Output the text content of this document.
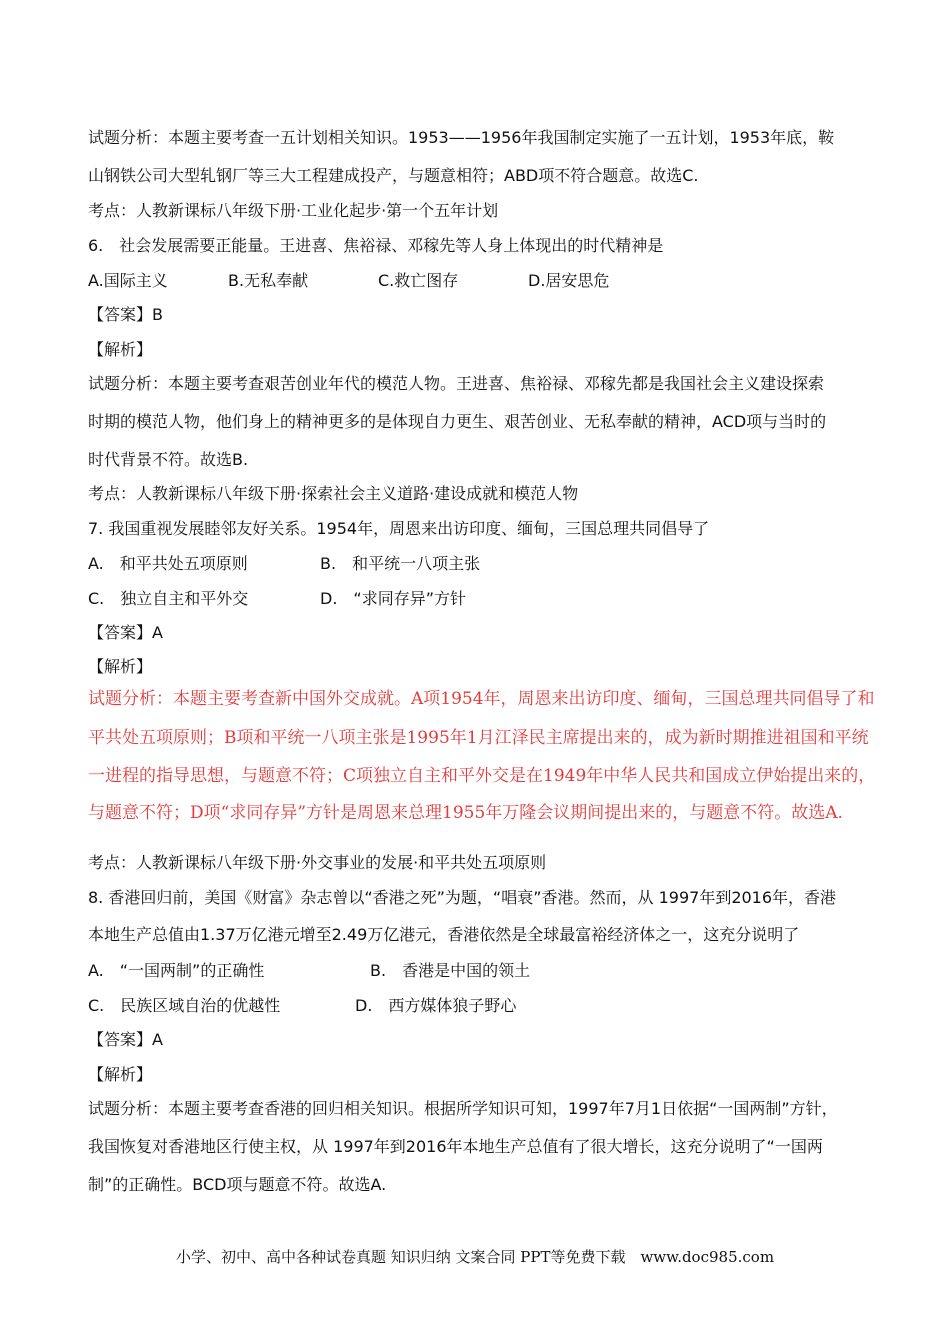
试题分析：本题主要考查一五计划相关知识。1953——1956年我国制定实施了一五计划，1953年底，鞍
山钢铁公司大型轧钢厂等三大工程建成投产，与题意相符；ABD项不符合题意。故选C.
考点：人教新课标八年级下册·工业化起步·第一个五年计划
6.　社会发展需要正能量。王进喜、焦裕禄、邓稼先等人身上体现出的时代精神是
A.国际主义	B.无私奉献	C.救亡图存	D.居安思危
【答案】B
【解析】
试题分析：本题主要考查艰苦创业年代的模范人物。王进喜、焦裕禄、邓稼先都是我国社会主义建设探索
时期的模范人物，他们身上的精神更多的是体现自力更生、艰苦创业、无私奉献的精神，ACD项与当时的
时代背景不符。故选B.
考点：人教新课标八年级下册·探索社会主义道路·建设成就和模范人物
7. 我国重视发展睦邻友好关系。1954年，周恩来出访印度、缅甸，三国总理共同倡导了
A.　和平共处五项原则	B.　和平统一八项主张
C.　独立自主和平外交	D.　“求同存异”方针
【答案】A
【解析】
试题分析：本题主要考查新中国外交成就。A项1954年，周恩来出访印度、缅甸，三国总理共同倡导了和
平共处五项原则；B项和平统一八项主张是1995年1月江泽民主席提出来的，成为新时期推进祖国和平统
一进程的指导思想，与题意不符；C项独立自主和平外交是在1949年中华人民共和国成立伊始提出来的，
与题意不符；D项“求同存异”方针是周恩来总理1955年万隆会议期间提出来的，与题意不符。故选A.
考点：人教新课标八年级下册·外交事业的发展·和平共处五项原则
8. 香港回归前，美国《财富》杂志曾以“香港之死”为题，“唱衰”香港。然而，从 1997年到2016年，香港
本地生产总值由1.37万亿港元增至2.49万亿港元，香港依然是全球最富裕经济体之一，这充分说明了
A.　“一国两制”的正确性	B.　香港是中国的领土
C.　民族区域自治的优越性	D.　西方媒体狼子野心
【答案】A
【解析】
试题分析：本题主要考查香港的回归相关知识。根据所学知识可知，1997年7月1日依据“一国两制”方针，
我国恢复对香港地区行使主权，从 1997年到2016年本地生产总值有了很大增长，这充分说明了“一国两
制”的正确性。BCD项与题意不符。故选A.
小学、初中、高中各种试卷真题 知识归纳 文案合同 PPT等免费下载　www.doc985.com
